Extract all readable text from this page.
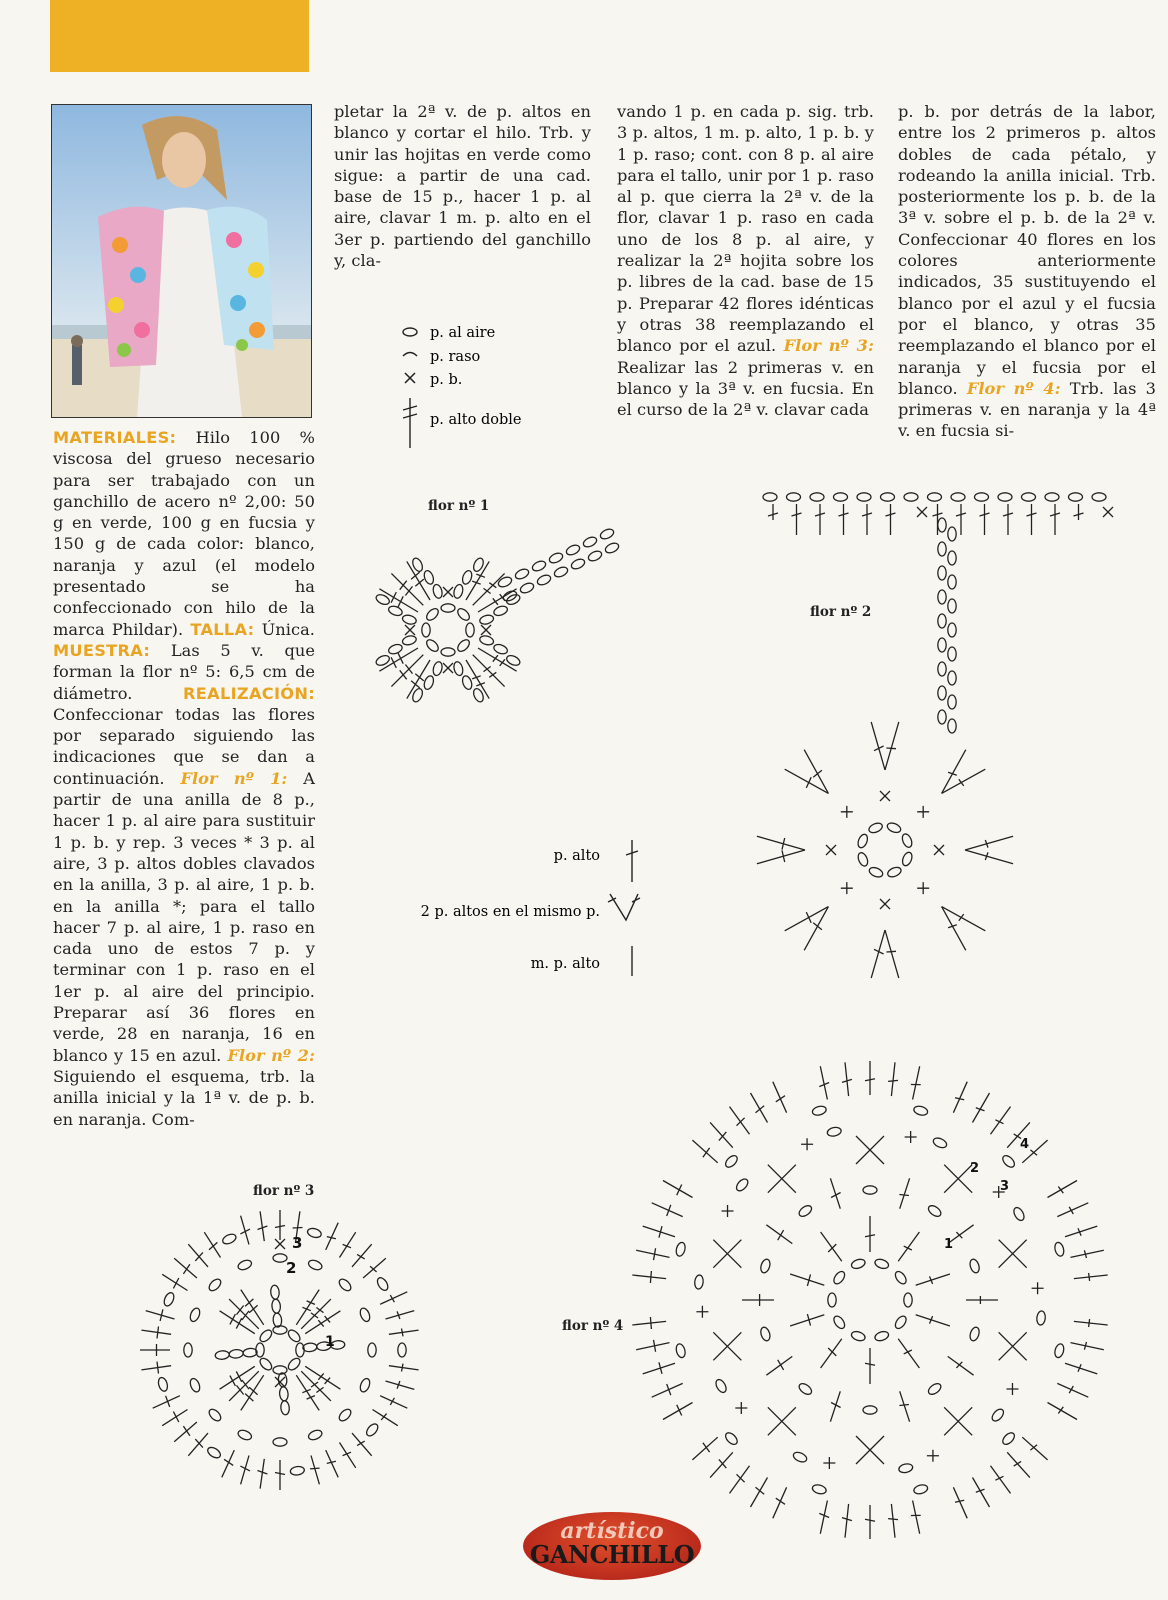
MATERIALES: Hilo 100 % viscosa del grueso necesario para ser trabajado con un ganchillo de acero nº 2,00: 50 g en verde, 100 g en fucsia y 150 g de cada color: blanco, naranja y azul (el modelo presentado se ha confeccionado con hilo de la marca Phildar). TALLA: Única. MUESTRA: Las 5 v. que forman la flor nº 5: 6,5 cm de diámetro.	REALIZACIÓN: Confeccionar todas las flores por separado siguiendo las indicaciones que se dan a continuación. Flor nº 1: A partir de una anilla de 8 p., hacer 1 p. al aire para sustituir 1 p. b. y rep. 3 veces * 3 p. al aire, 3 p. altos dobles clavados en la anilla, 3 p. al aire, 1 p. b. en la anilla *; para el tallo hacer 7 p. al aire, 1 p. raso en cada uno de estos 7 p. y terminar con 1 p. raso en el 1er p. al aire del principio. Preparar así 36 flores en verde, 28 en naranja, 16 en blanco y 15 en azul. Flor nº 2: Siguiendo el esquema, trb. la anilla inicial y la 1ª v. de p. b. en naranja. Com-

p. al aire
p. raso
p. b.
p. alto doble
p. alto
2 p. altos en el mismo p.
m. p. alto
flor nº 1
flor nº 2
flor nº 3
flor nº 4
3
2
1
4
3
2
1
artístico
GANCHILLO

pletar la 2ª v. de p. altos en blanco y cortar el hilo. Trb. y unir las hojitas en verde como sigue: a partir de una cad. base de 15 p., hacer 1 p. al aire, clavar 1 m. p. alto en el 3er p. partiendo del ganchillo y, cla-

vando 1 p. en cada p. sig. trb. 3 p. altos, 1 m. p. alto, 1 p. b. y 1 p. raso; cont. con 8 p. al aire para el tallo, unir por 1 p. raso al p. que cierra la 2ª v. de la flor, clavar 1 p. raso en cada uno de los 8 p. al aire, y realizar la 2ª hojita sobre los p. libres de la cad. base de 15 p. Preparar 42 flores idénticas y otras 38 reemplazando el blanco por el azul. Flor nº 3: Realizar las 2 primeras v. en blanco y la 3ª v. en fucsia. En el curso de la 2ª v. clavar cada

p. b. por detrás de la labor, entre los 2 primeros p. altos dobles de cada pétalo, y rodeando la anilla inicial. Trb. posteriormente los p. b. de la 3ª v. sobre el p. b. de la 2ª v. Confeccionar 40 flores en los colores anteriormente indicados, 35 sustituyendo el blanco por el azul y el fucsia por el blanco, y otras 35 reemplazando el blanco por el naranja y el fucsia por el blanco. Flor nº 4: Trb. las 3 primeras v. en naranja y la 4ª v. en fucsia si-
